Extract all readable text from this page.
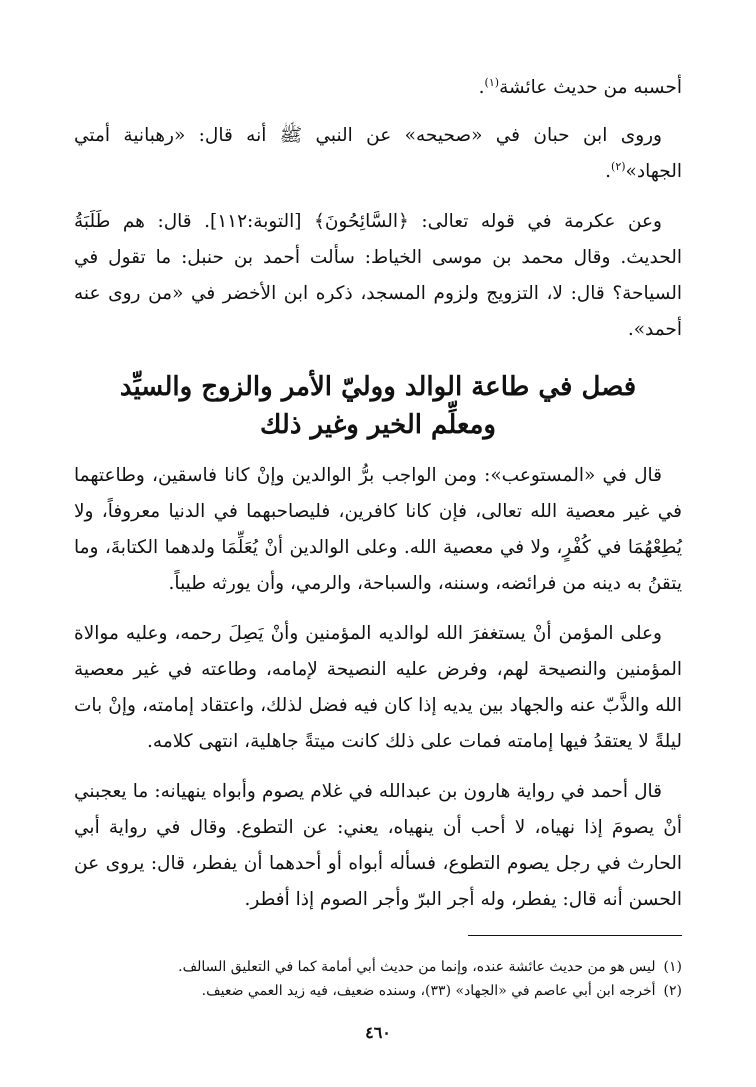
أحسبه من حديث عائشة$^{(١)}$.

وروى ابن حبان في «صحيحه» عن النبي ﷺ أنه قال: «رهبانية أمتي الجهاد»$^{(٢)}$.

وعن عكرمة في قوله تعالى: ﴿السَّائِحُونَ﴾ [التوبة:١١٢]. قال: هم طَلَبَةُ الحديث. وقال محمد بن موسى الخياط: سألت أحمد بن حنبل: ما تقول في السياحة؟ قال: لا، التزويج ولزوم المسجد، ذكره ابن الأخضر في «من روى عنه أحمد».

فصل في طاعة الوالد ووليّ الأمر والزوج والسيِّد
ومعلِّم الخير وغير ذلك

قال في «المستوعب»: ومن الواجب برُّ الوالدين وإنْ كانا فاسقين، وطاعتهما في غير معصية الله تعالى، فإن كانا كافرين، فليصاحبهما في الدنيا معروفاً، ولا يُطِعْهُمَا في كُفْرٍ، ولا في معصية الله. وعلى الوالدين أنْ يُعَلِّمَا ولدهما الكتابةَ، وما يتقنُ به دينه من فرائضه، وسننه، والسباحة، والرمي، وأن يورثه طيباً.

وعلى المؤمن أنْ يستغفرَ الله لوالديه المؤمنين وأنْ يَصِلَ رحمه، وعليه موالاة المؤمنين والنصيحة لهم، وفرض عليه النصيحة لإمامه، وطاعته في غير معصية الله والذَّبّ عنه والجهاد بين يديه إذا كان فيه فضل لذلك، واعتقاد إمامته، وإنْ بات ليلةً لا يعتقدُ فيها إمامته فمات على ذلك كانت ميتةً جاهلية، انتهى كلامه.

قال أحمد في رواية هارون بن عبدالله في غلام يصوم وأبواه ينهيانه: ما يعجبني أنْ يصومَ إذا نهياه، لا أحب أن ينهياه، يعني: عن التطوع. وقال في رواية أبي الحارث في رجل يصوم التطوع، فسأله أبواه أو أحدهما أن يفطر، قال: يروى عن الحسن أنه قال: يفطر، وله أجر البرّ وأجر الصوم إذا أفطر.

(١)
ليس هو من حديث عائشة عنده، وإنما من حديث أبي أمامة كما في التعليق السالف.
(٢)
أخرجه ابن أبي عاصم في «الجهاد» (٣٣)، وسنده ضعيف، فيه زيد العمي ضعيف.
٤٦٠
